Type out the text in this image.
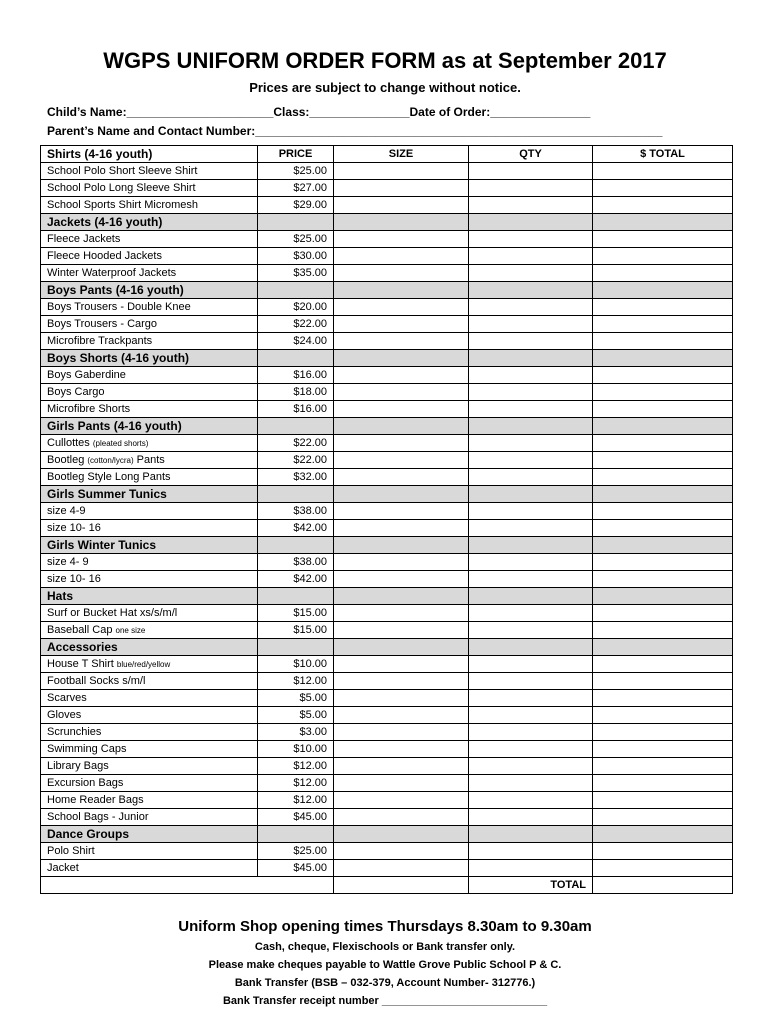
WGPS UNIFORM ORDER FORM as at September 2017
Prices are subject to change without notice.
Child’s Name:______________________Class:_______________Date of Order:_______________
Parent’s Name and Contact Number:_____________________________________________________________
Shirts (4-16 youth)	PRICE	SIZE	QTY	$ TOTAL
School Polo Short Sleeve Shirt	$25.00			
School Polo Long Sleeve Shirt	$27.00			
School Sports Shirt Micromesh	$29.00			
Jackets (4-16 youth)				
Fleece Jackets	$25.00			
Fleece Hooded Jackets	$30.00			
Winter Waterproof Jackets	$35.00			
Boys Pants (4-16 youth)				
Boys Trousers - Double Knee	$20.00			
Boys Trousers - Cargo	$22.00			
Microfibre Trackpants	$24.00			
Boys Shorts (4-16 youth)				
Boys Gaberdine	$16.00			
Boys Cargo	$18.00			
Microfibre Shorts	$16.00			
Girls Pants (4-16 youth)				
Cullottes (pleated shorts)	$22.00			
Bootleg (cotton/lycra) Pants	$22.00			
Bootleg Style Long Pants	$32.00			
Girls Summer Tunics				
size 4-9	$38.00			
size 10- 16	$42.00			
Girls Winter Tunics				
size 4- 9	$38.00			
size 10- 16	$42.00			
Hats				
Surf or Bucket Hat xs/s/m/l	$15.00			
Baseball Cap one size	$15.00			
Accessories				
House T Shirt blue/red/yellow	$10.00			
Football Socks s/m/l	$12.00			
Scarves	$5.00			
Gloves	$5.00			
Scrunchies	$3.00			
Swimming Caps	$10.00			
Library Bags	$12.00			
Excursion Bags	$12.00			
Home Reader Bags	$12.00			
School Bags - Junior	$45.00			
Dance Groups				
Polo Shirt	$25.00			
Jacket	$45.00			
			TOTAL	
Uniform Shop opening times Thursdays 8.30am to 9.30am
Cash, cheque, Flexischools or Bank transfer only.
Please make cheques payable to Wattle Grove Public School P & C.
Bank Transfer (BSB – 032-379, Account Number- 312776.)
Bank Transfer receipt number ___________________________
